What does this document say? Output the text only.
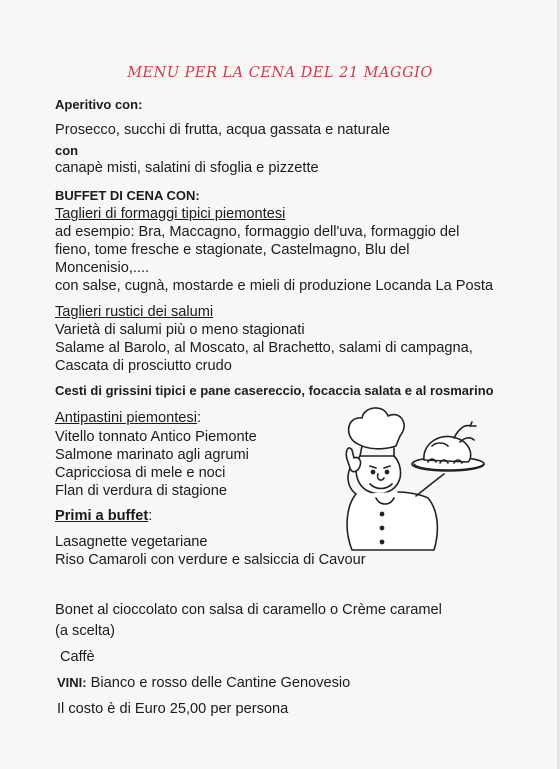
MENU PER LA CENA DEL 21 MAGGIO
Aperitivo con:
Prosecco, succhi di frutta, acqua gassata e naturale
con
canapè misti, salatini di sfoglia e pizzette
BUFFET DI CENA CON:
Taglieri di formaggi tipici piemontesi
ad esempio: Bra, Maccagno, formaggio dell'uva, formaggio del
fieno, tome fresche e stagionate, Castelmagno, Blu del
Moncenisio,....
con salse, cugnà, mostarde e mieli di produzione Locanda La Posta
Taglieri rustici dei salumi
Varietà di salumi più o meno stagionati
Salame al Barolo, al Moscato, al Brachetto, salami di campagna,
Cascata di prosciutto crudo
Cesti di grissini tipici e pane casereccio, focaccia salata e al rosmarino
Antipastini piemontesi:
Vitello tonnato Antico Piemonte
Salmone marinato agli agrumi
Capricciosa di mele e noci
Flan di verdura di stagione
Primi a buffet:
Lasagnette vegetariane
Riso Camaroli con verdure e salsiccia di Cavour
Bonet al cioccolato con salsa di caramello o Crème caramel
(a scelta)
Caffè
VINI: Bianco e rosso delle Cantine Genovesio
Il costo è di Euro 25,00 per persona
